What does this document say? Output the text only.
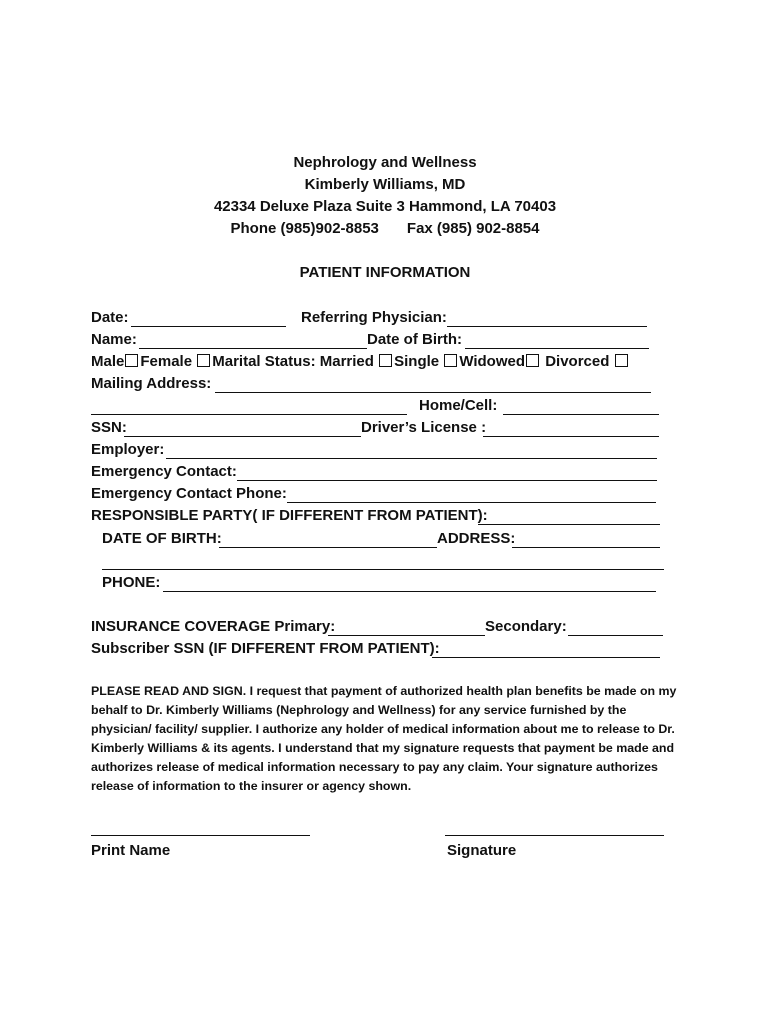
Nephrology and Wellness
Kimberly Williams, MD
42334 Deluxe Plaza Suite 3 Hammond, LA 70403
Phone (985)902-8853 Fax (985) 902-8854
PATIENT INFORMATION
Date:	Referring Physician:
Name:	Date of Birth:
Male Female Marital Status: Married Single Widowed Divorced
Mailing Address:
Home/Cell:
SSN:	Driver’s License :
Employer:
Emergency Contact:
Emergency Contact Phone:
RESPONSIBLE PARTY( IF DIFFERENT FROM PATIENT):
DATE OF BIRTH:	ADDRESS:
PHONE:
INSURANCE COVERAGE Primary:	Secondary:
Subscriber SSN (IF DIFFERENT FROM PATIENT):
PLEASE READ AND SIGN. I request that payment of authorized health plan benefits be made on my behalf to Dr. Kimberly Williams (Nephrology and Wellness) for any service furnished by the physician/ facility/ supplier. I authorize any holder of medical information about me to release to Dr. Kimberly Williams & its agents. I understand that my signature requests that payment be made and authorizes release of medical information necessary to pay any claim. Your signature authorizes release of information to the insurer or agency shown.
Print Name	Signature
